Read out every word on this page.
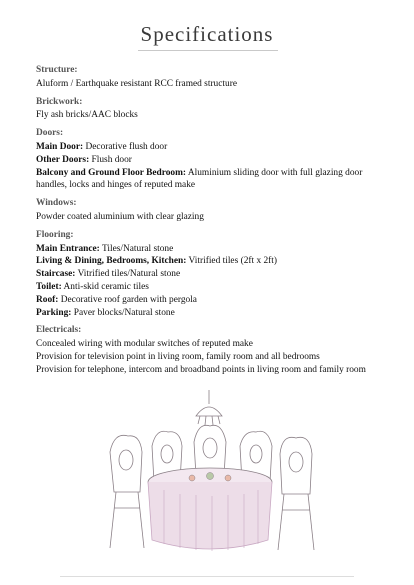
Specifications
Structure:

Aluform / Earthquake resistant RCC framed structure

Brickwork:

Fly ash bricks/AAC blocks

Doors:

Main Door: Decorative flush door

Other Doors: Flush door

Balcony and Ground Floor Bedroom: Aluminium sliding door with full glazing door handles, locks and hinges of reputed make

Windows:

Powder coated aluminium with clear glazing

Flooring:

Main Entrance: Tiles/Natural stone

Living & Dining, Bedrooms, Kitchen: Vitrified tiles (2ft x 2ft)

Staircase: Vitrified tiles/Natural stone

Toilet: Anti-skid ceramic tiles

Roof: Decorative roof garden with pergola

Parking: Paver blocks/Natural stone

Electricals:

Concealed wiring with modular switches of reputed make

Provision for television point in living room, family room and all bedrooms

Provision for telephone, intercom and broadband points in living room and family room
